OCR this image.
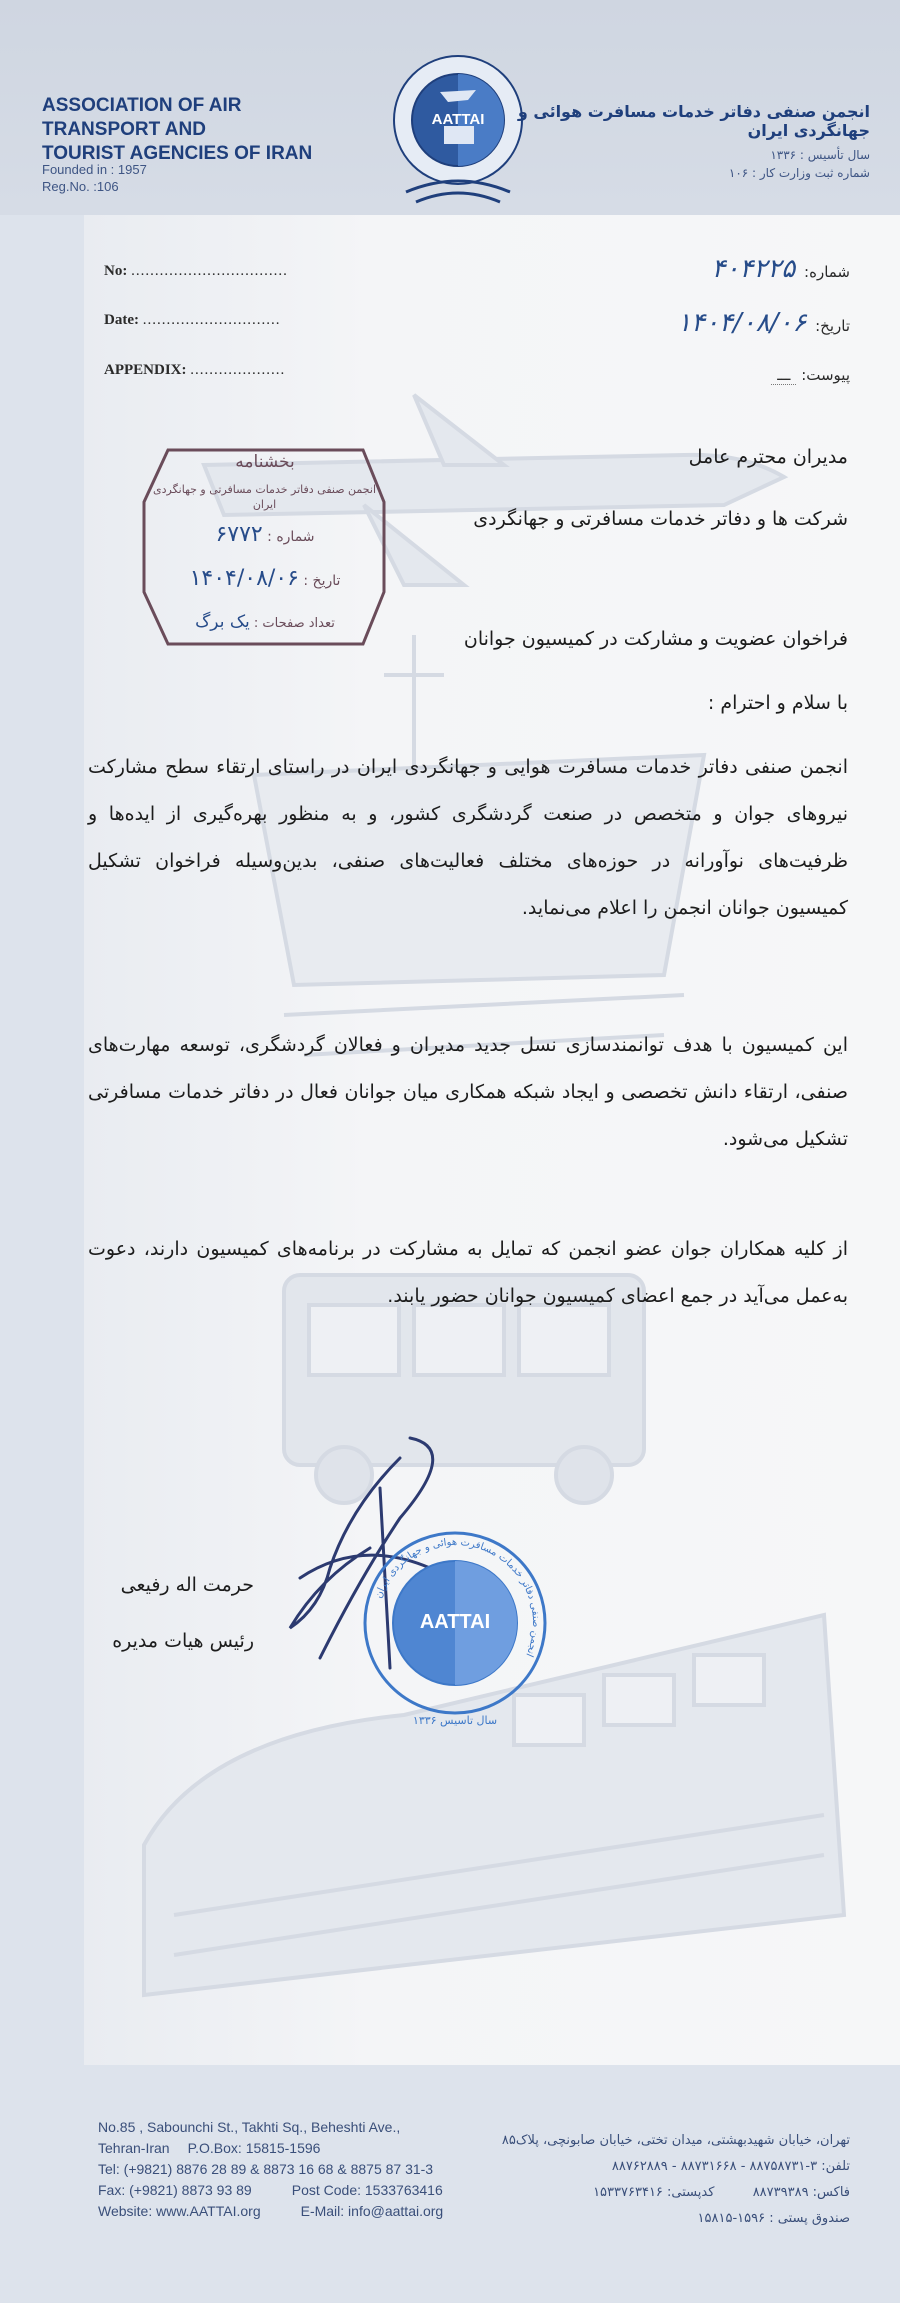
ASSOCIATION OF AIR TRANSPORT AND
TOURIST AGENCIES OF IRAN
Founded in : 1957
Reg.No. :106
AATTAI	انجمن صنفی دفاتر خدمات مسافرت هوائی و جهانگردی ایران
سال تأسیس : ۱۳۳۶
شماره ثبت وزارت کار : ۱۰۶
No: .................................
Date: .............................
APPENDIX: ....................
شماره: ۴۰۴۲۲۵
تاریخ: ۱۴۰۴/۰۸/۰۶
پیوست: ـــ
بخشنامه
انجمن صنفی دفاتر خدمات مسافرتی و جهانگردی ایران
شماره : ۶۷۷۲
تاریخ : ۱۴۰۴/۰۸/۰۶
تعداد صفحات : یک برگ
مدیران محترم عامل
شرکت ها و دفاتر خدمات مسافرتی و جهانگردی
فراخوان عضویت و مشارکت در کمیسیون جوانان
با سلام و احترام :
انجمن صنفی دفاتر خدمات مسافرت هوایی و جهانگردی ایران در راستای ارتقاء سطح مشارکت نیروهای جوان و متخصص در صنعت گردشگری کشور، و به منظور بهره‌گیری از ایده‌ها و ظرفیت‌های نوآورانه در حوزه‌های مختلف فعالیت‌های صنفی، بدین‌وسیله فراخوان تشکیل کمیسیون جوانان انجمن را اعلام می‌نماید.
این کمیسیون با هدف توانمندسازی نسل جدید مدیران و فعالان گردشگری، توسعه مهارت‌های صنفی، ارتقاء دانش تخصصی و ایجاد شبکه همکاری میان جوانان فعال در دفاتر خدمات مسافرتی تشکیل می‌شود.
از کلیه همکاران جوان عضو انجمن که تمایل به مشارکت در برنامه‌های کمیسیون دارند، دعوت به‌عمل می‌آید در جمع اعضای کمیسیون جوانان حضور یابند.
حرمت اله رفیعی
رئیس هیات مدیره
انجمن صنفی دفاتر خدمات مسافرت هوائی و جهانگردی ایران
AATTAI
سال تاسیس ۱۳۳۶
No.85 , Sabounchi St., Takhti Sq., Beheshti Ave.,
Tehran-Iran P.O.Box: 15815-1596
Tel: (+9821) 8876 28 89 & 8873 16 68 & 8875 87 31-3
Fax: (+9821) 8873 93 89	Post Code: 1533763416
Website: www.AATTAI.org	E-Mail: info@aattai.org
تهران، خیابان شهیدبهشتی، میدان تختی، خیابان صابونچی، پلاک۸۵
تلفن: ۳-۸۸۷۵۸۷۳۱ - ۸۸۷۳۱۶۶۸ - ۸۸۷۶۲۸۸۹
فاکس: ۸۸۷۳۹۳۸۹  کدپستی: ۱۵۳۳۷۶۳۴۱۶
صندوق پستی : ۱۵۹۶-۱۵۸۱۵
